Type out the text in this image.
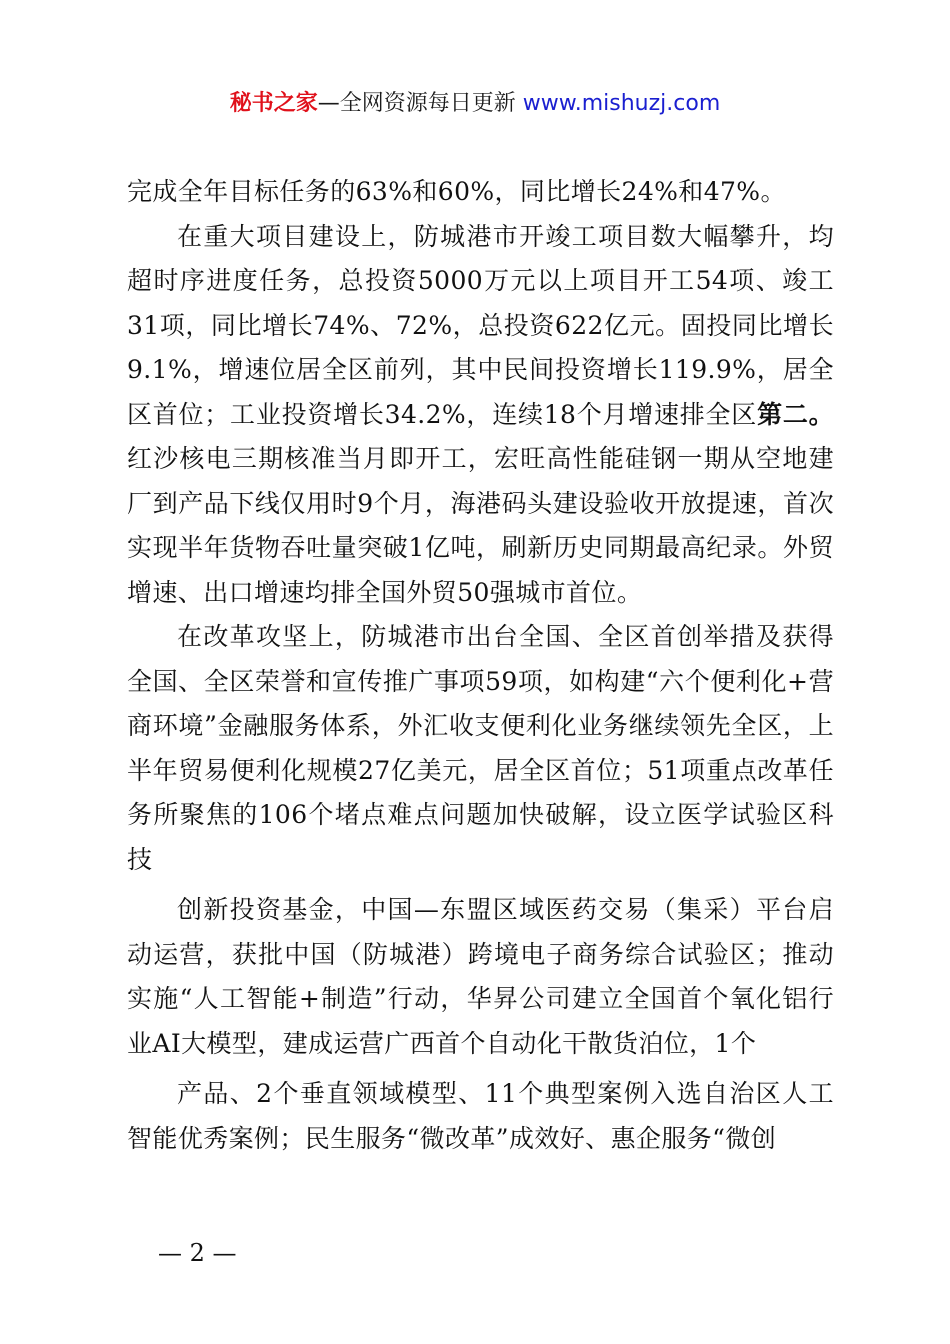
秘书之家—全网资源每日更新 www.mishuzj.com

完成全年目标任务的63%和60%，同比增长24%和47%。

在重大项目建设上，防城港市开竣工项目数大幅攀升，均超时序进度任务，总投资5000万元以上项目开工54项、竣工31项，同比增长74%、72%，总投资622亿元。固投同比增长9.1%，增速位居全区前列，其中民间投资增长119.9%，居全区首位；工业投资增长34.2%，连续18个月增速排全区第二。红沙核电三期核准当月即开工，宏旺高性能硅钢一期从空地建厂到产品下线仅用时9个月，海港码头建设验收开放提速，首次实现半年货物吞吐量突破1亿吨，刷新历史同期最高纪录。外贸增速、出口增速均排全国外贸50强城市首位。

在改革攻坚上，防城港市出台全国、全区首创举措及获得全国、全区荣誉和宣传推广事项59项，如构建“六个便利化+营商环境”金融服务体系，外汇收支便利化业务继续领先全区，上半年贸易便利化规模27亿美元，居全区首位；51项重点改革任务所聚焦的106个堵点难点问题加快破解，设立医学试验区科技

创新投资基金，中国—东盟区域医药交易（集采）平台启动运营，获批中国（防城港）跨境电子商务综合试验区；推动实施“人工智能+制造”行动，华昇公司建立全国首个氧化铝行业AI大模型，建成运营广西首个自动化干散货泊位，1个

产品、2个垂直领域模型、11个典型案例入选自治区人工智能优秀案例；民生服务“微改革”成效好、惠企服务“微创

— 2 —
